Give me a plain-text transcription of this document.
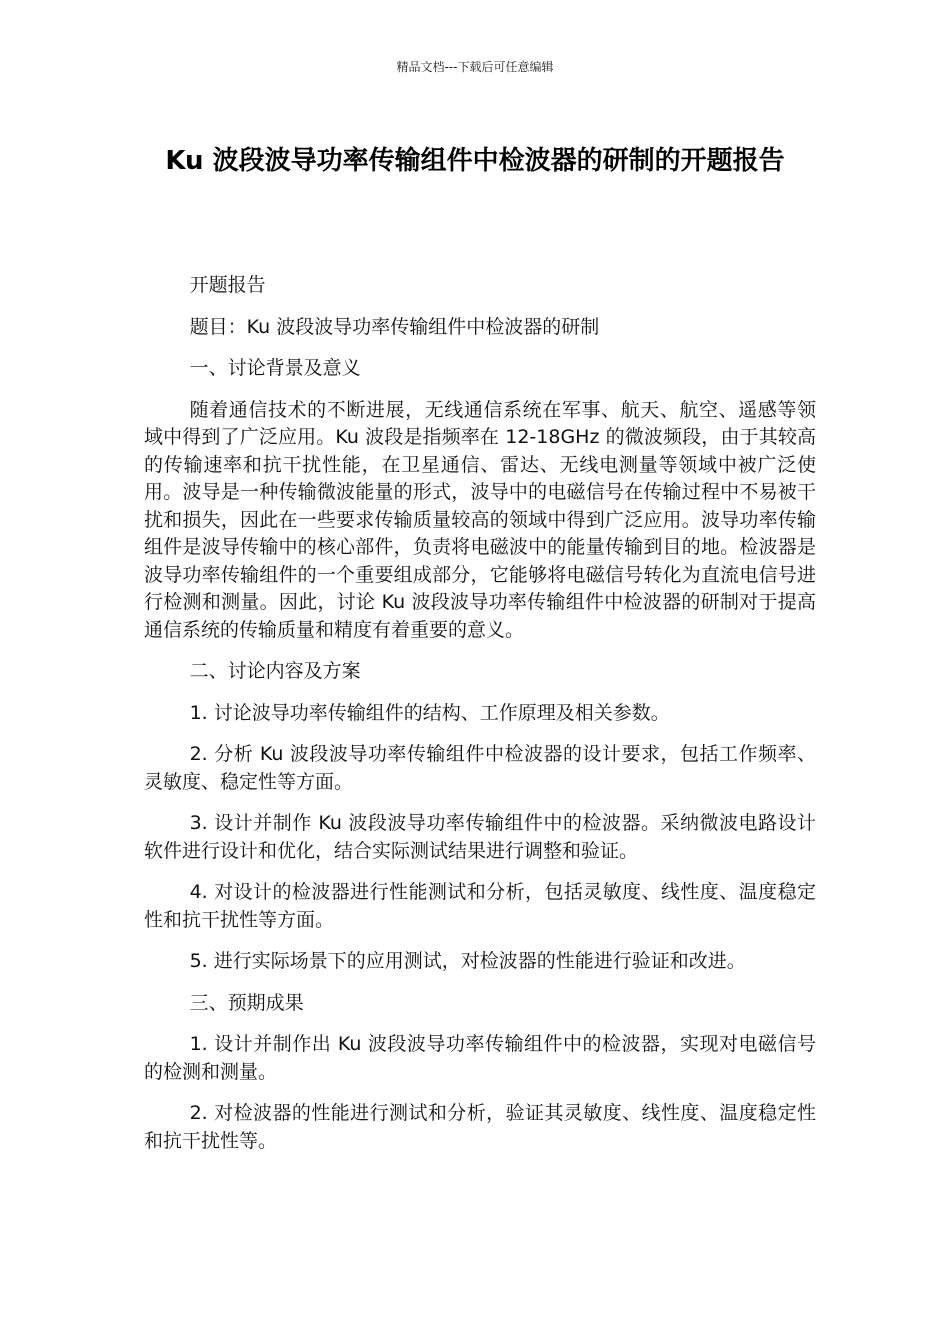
精品文档---下载后可任意编辑
Ku 波段波导功率传输组件中检波器的研制的开题报告

开题报告

题目：Ku 波段波导功率传输组件中检波器的研制

一、讨论背景及意义

随着通信技术的不断进展，无线通信系统在军事、航天、航空、遥感等领域中得到了广泛应用。Ku 波段是指频率在 12-18GHz 的微波频段，由于其较高的传输速率和抗干扰性能，在卫星通信、雷达、无线电测量等领域中被广泛使用。波导是一种传输微波能量的形式，波导中的电磁信号在传输过程中不易被干扰和损失，因此在一些要求传输质量较高的领域中得到广泛应用。波导功率传输组件是波导传输中的核心部件，负责将电磁波中的能量传输到目的地。检波器是波导功率传输组件的一个重要组成部分，它能够将电磁信号转化为直流电信号进行检测和测量。因此，讨论 Ku 波段波导功率传输组件中检波器的研制对于提高通信系统的传输质量和精度有着重要的意义。

二、讨论内容及方案

1. 讨论波导功率传输组件的结构、工作原理及相关参数。

2. 分析 Ku 波段波导功率传输组件中检波器的设计要求，包括工作频率、灵敏度、稳定性等方面。

3. 设计并制作 Ku 波段波导功率传输组件中的检波器。采纳微波电路设计软件进行设计和优化，结合实际测试结果进行调整和验证。

4. 对设计的检波器进行性能测试和分析，包括灵敏度、线性度、温度稳定性和抗干扰性等方面。

5. 进行实际场景下的应用测试，对检波器的性能进行验证和改进。

三、预期成果

1. 设计并制作出 Ku 波段波导功率传输组件中的检波器，实现对电磁信号的检测和测量。

2. 对检波器的性能进行测试和分析，验证其灵敏度、线性度、温度稳定性和抗干扰性等。
